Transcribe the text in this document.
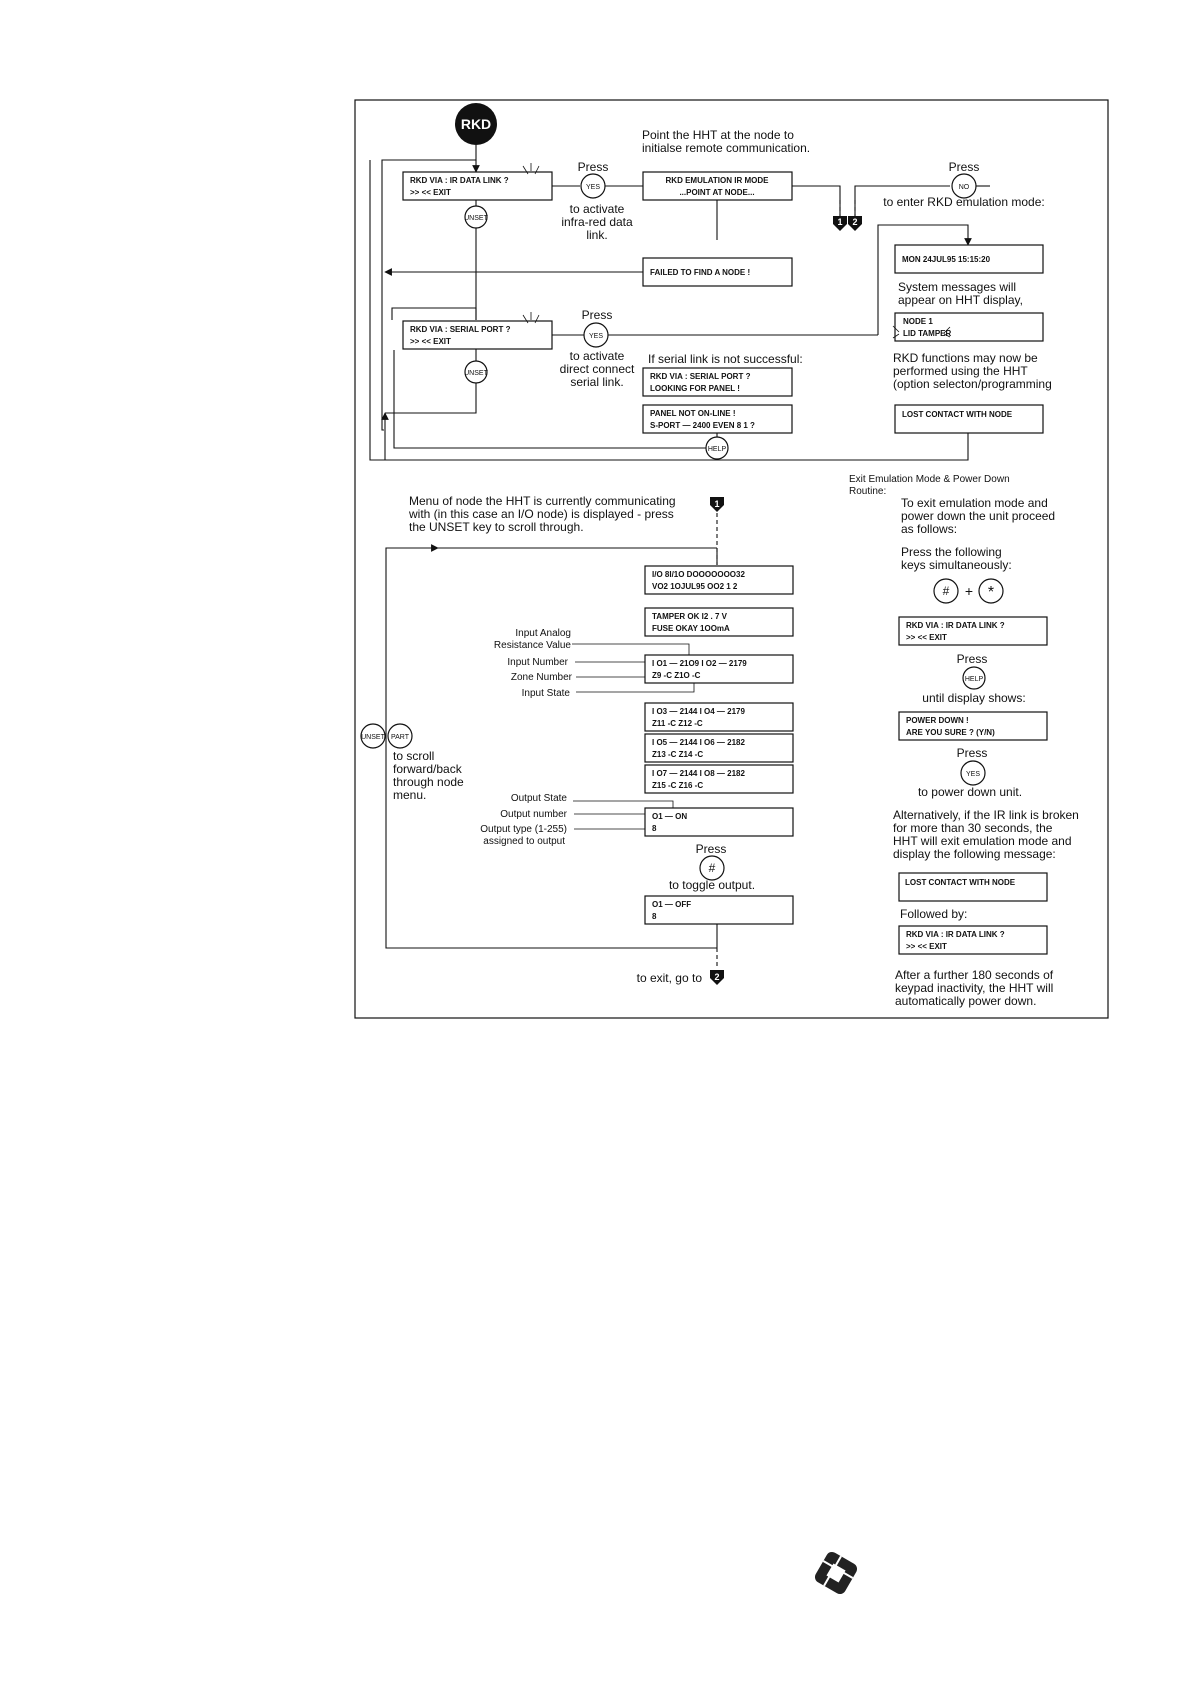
RKD
RKD VIA : IR DATA LINK ?
>> << EXIT
Press
YES
to activate
infra-red data
link.
Point the HHT at the node to
initialse remote communication.
RKD EMULATION IR MODE
...POINT AT NODE...
1 2
Press
NO
to enter RKD emulation mode:
UNSET
FAILED TO FIND A NODE !
MON 24JUL95 15:15:20
System messages will
appear on HHT display,
NODE 1
LID TAMPER
RKD functions may now be
performed using the HHT
(option selecton/programming
LOST CONTACT WITH NODE
RKD VIA : SERIAL PORT ?
>> << EXIT
Press
YES
to activate
direct connect
serial link.
If serial link is not successful:
RKD VIA : SERIAL PORT ?
LOOKING FOR PANEL !
PANEL NOT ON-LINE !
S-PORT — 2400 EVEN 8 1 ?
HELP
UNSET
Menu of node the HHT is currently communicating
with (in this case an I/O node) is displayed - press
the UNSET key to scroll through.
1
I/O 8I/1O DOOOOOOO32
VO2 1OJUL95 OO2 1 2
TAMPER OK I2 . 7 V
FUSE OKAY 1OOmA
Input Analog
Resistance Value
Input Number
Zone Number
Input State
I O1 — 21O9 I O2 — 2179
Z9 -C Z1O -C
I O3 — 2144 I O4 — 2179
Z11 -C Z12 -C
I O5 — 2144 I O6 — 2182
Z13 -C Z14 -C
I O7 — 2144 I O8 — 2182
Z15 -C Z16 -C
UNSET PART
to scroll
forward/back
through node
menu.	Output State
Output number
Output type (1-255)
assigned to output
O1 — ON
8
Press
#
to toggle output.
O1 — OFF
8
to exit, go to 2
Exit Emulation Mode & Power Down
Routine:
To exit emulation mode and
power down the unit proceed
as follows:
Press the following
keys simultaneously:
# + *
RKD VIA : IR DATA LINK ?
>> << EXIT
Press
HELP
until display shows:
POWER DOWN !
ARE YOU SURE ? (Y/N)
Press
YES
to power down unit.
Alternatively, if the IR link is broken
for more than 30 seconds, the
HHT will exit emulation mode and
display the following message:
LOST CONTACT WITH NODE
Followed by:
RKD VIA : IR DATA LINK ?
>> << EXIT
After a further 180 seconds of
keypad inactivity, the HHT will
automatically power down.
